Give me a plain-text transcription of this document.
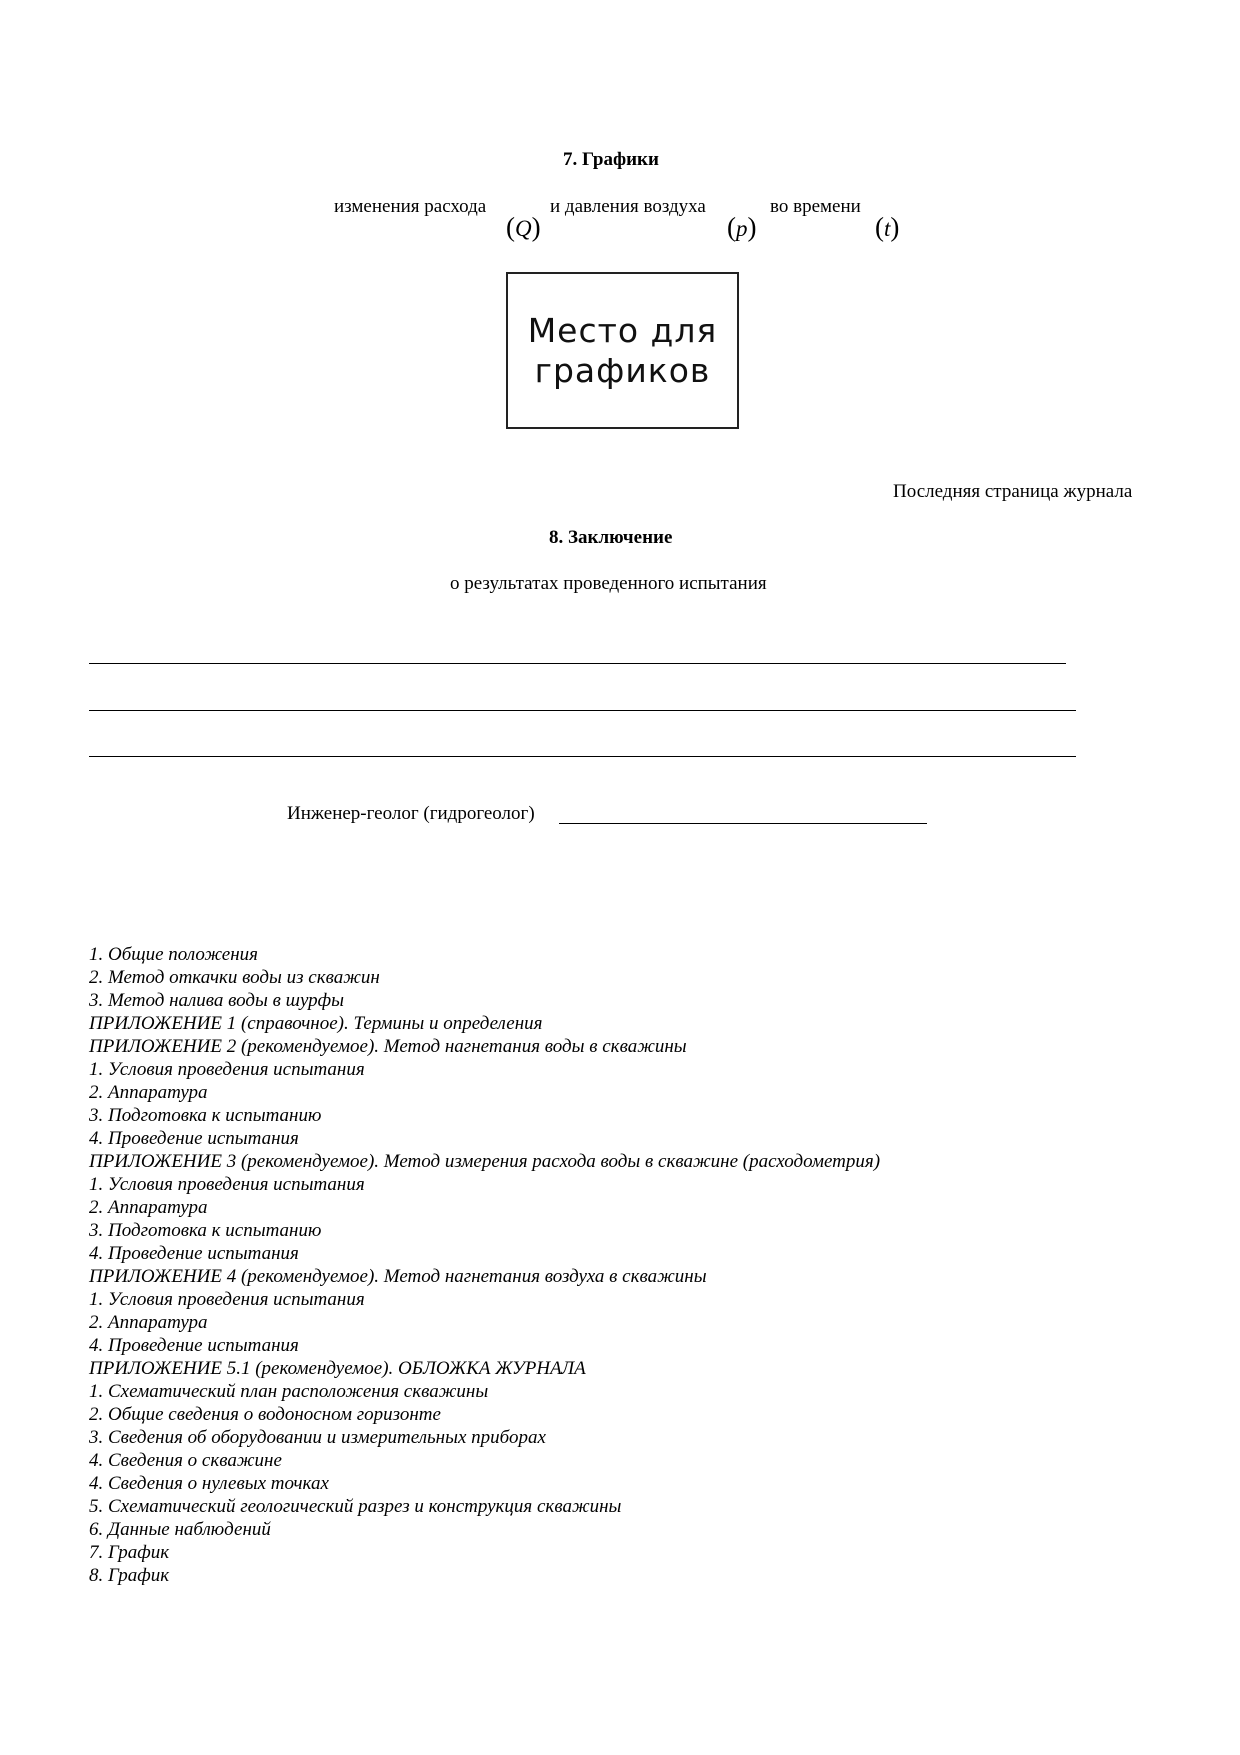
7. Графики
изменения расхода
(Q)
и давления воздуха
(p)
во времени
(t)
Место для
графиков
Последняя страница журнала
8. Заключение
о результатах проведенного испытания
Инженер-геолог (гидрогеолог)
1. Общие положения
2. Метод откачки воды из скважин
3. Метод налива воды в шурфы
ПРИЛОЖЕНИЕ 1 (справочное). Термины и определения
ПРИЛОЖЕНИЕ 2 (рекомендуемое). Метод нагнетания воды в скважины
1. Условия проведения испытания
2. Аппаратура
3. Подготовка к испытанию
4. Проведение испытания
ПРИЛОЖЕНИЕ 3 (рекомендуемое). Метод измерения расхода воды в скважине (расходометрия)
1. Условия проведения испытания
2. Аппаратура
3. Подготовка к испытанию
4. Проведение испытания
ПРИЛОЖЕНИЕ 4 (рекомендуемое). Метод нагнетания воздуха в скважины
1. Условия проведения испытания
2. Аппаратура
4. Проведение испытания
ПРИЛОЖЕНИЕ 5.1 (рекомендуемое). ОБЛОЖКА ЖУРНАЛА
1. Схематический план расположения скважины
2. Общие сведения о водоносном горизонте
3. Сведения об оборудовании и измерительных приборах
4. Сведения о скважине
4. Сведения о нулевых точках
5. Схематический геологический разрез и конструкция скважины
6. Данные наблюдений
7. График
8. График
